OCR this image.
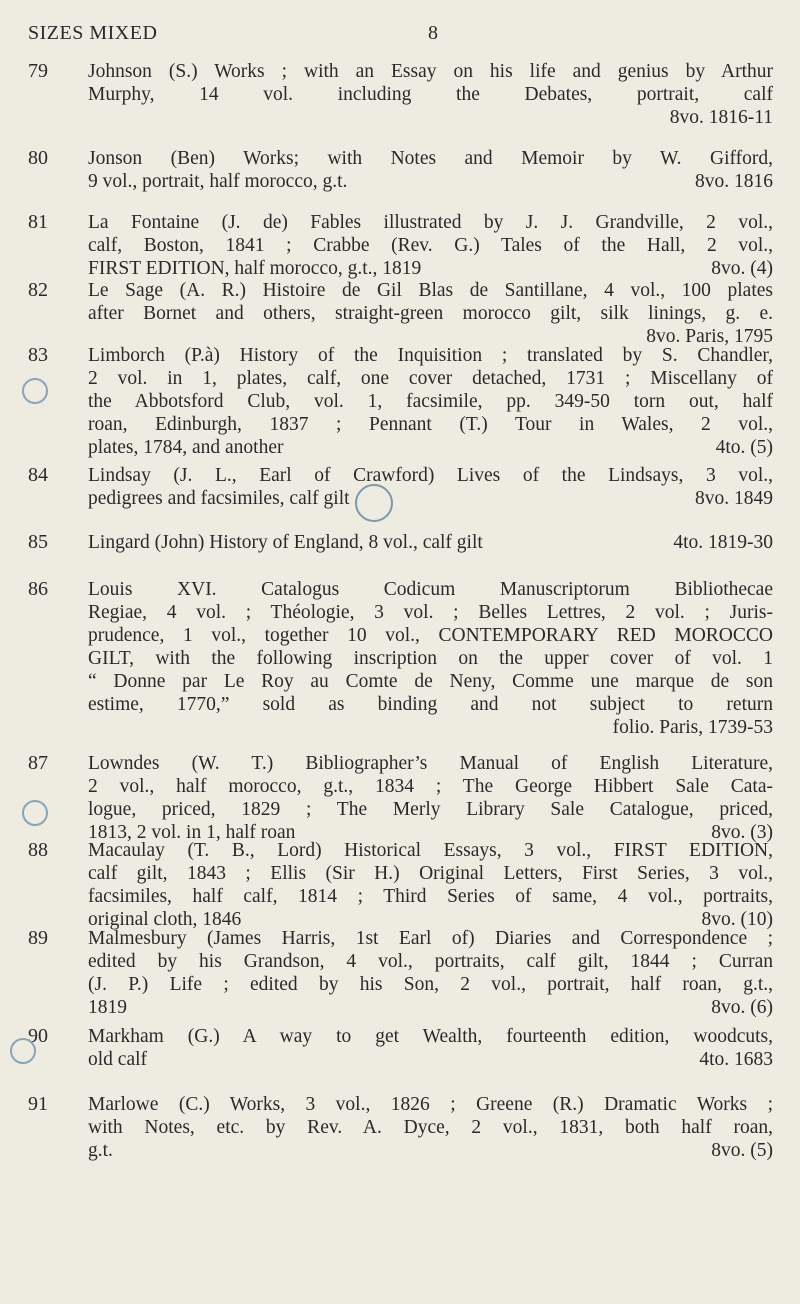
SIZES MIXED	8
79	Johnson (S.) Works ; with an Essay on his life and genius by Arthur
Murphy, 14 vol. including the Debates, portrait, calf
8vo. 1816-11
80	Jonson (Ben) Works; with Notes and Memoir by W. Gifford,
9 vol., portrait, half morocco, g.t.	8vo. 1816
81	La Fontaine (J. de) Fables illustrated by J. J. Grandville, 2 vol.,
calf, Boston, 1841 ; Crabbe (Rev. G.) Tales of the Hall, 2 vol.,
FIRST EDITION, half morocco, g.t., 1819	8vo. (4)
82	Le Sage (A. R.) Histoire de Gil Blas de Santillane, 4 vol., 100 plates
after Bornet and others, straight-green morocco gilt, silk linings, g. e.
8vo. Paris, 1795
83	Limborch (P.à) History of the Inquisition ; translated by S. Chandler,
2 vol. in 1, plates, calf, one cover detached, 1731 ; Miscellany of
the Abbotsford Club, vol. 1, facsimile, pp. 349-50 torn out, half
roan, Edinburgh, 1837 ; Pennant (T.) Tour in Wales, 2 vol.,
plates, 1784, and another	4to. (5)
84	Lindsay (J. L., Earl of Crawford) Lives of the Lindsays, 3 vol.,
pedigrees and facsimiles, calf gilt	8vo. 1849
85	Lingard (John) History of England, 8 vol., calf gilt	4to. 1819-30
86	Louis XVI. Catalogus Codicum Manuscriptorum Bibliothecae
Regiae, 4 vol. ; Théologie, 3 vol. ; Belles Lettres, 2 vol. ; Juris-
prudence, 1 vol., together 10 vol., CONTEMPORARY RED MOROCCO
GILT, with the following inscription on the upper cover of vol. 1
“ Donne par Le Roy au Comte de Neny, Comme une marque de son
estime, 1770,” sold as binding and not subject to return
folio. Paris, 1739-53
87	Lowndes (W. T.) Bibliographer’s Manual of English Literature,
2 vol., half morocco, g.t., 1834 ; The George Hibbert Sale Cata-
logue, priced, 1829 ; The Merly Library Sale Catalogue, priced,
1813, 2 vol. in 1, half roan	8vo. (3)
88	Macaulay (T. B., Lord) Historical Essays, 3 vol., FIRST EDITION,
calf gilt, 1843 ; Ellis (Sir H.) Original Letters, First Series, 3 vol.,
facsimiles, half calf, 1814 ; Third Series of same, 4 vol., portraits,
original cloth, 1846	8vo. (10)
89	Malmesbury (James Harris, 1st Earl of) Diaries and Correspondence ;
edited by his Grandson, 4 vol., portraits, calf gilt, 1844 ; Curran
(J. P.) Life ; edited by his Son, 2 vol., portrait, half roan, g.t.,
1819	8vo. (6)
90	Markham (G.) A way to get Wealth, fourteenth edition, woodcuts,
old calf	4to. 1683
91	Marlowe (C.) Works, 3 vol., 1826 ; Greene (R.) Dramatic Works ;
with Notes, etc. by Rev. A. Dyce, 2 vol., 1831, both half roan,
g.t.	8vo. (5)
